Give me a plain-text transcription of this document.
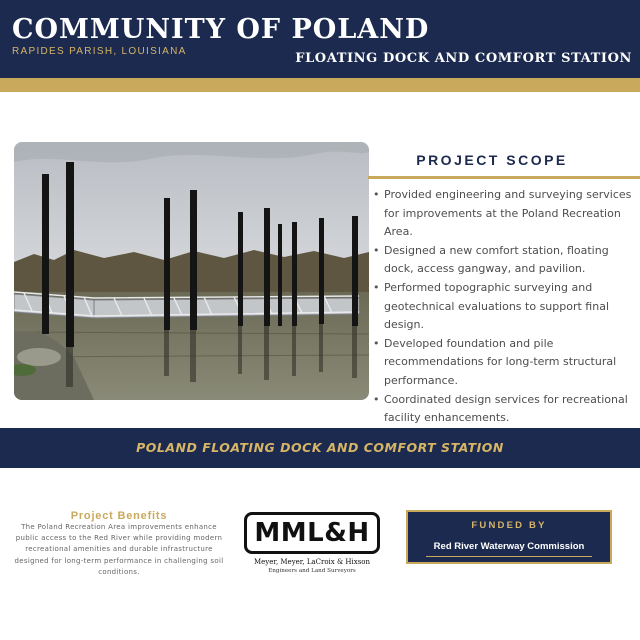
COMMUNITY OF POLAND
RAPIDES PARISH, LOUISIANA	FLOATING DOCK AND COMFORT STATION
PROJECT SCOPE
• Provided engineering and surveying services for improvements at the Poland Recreation Area.
• Designed a new comfort station, floating dock, access gangway, and pavilion.
• Performed topographic surveying and geotechnical evaluations to support final design.
• Developed foundation and pile recommendations for long-term structural performance.
• Coordinated design services for recreational facility enhancements.
POLAND FLOATING DOCK AND COMFORT STATION
Project Benefits
The Poland Recreation Area improvements enhance public access to the Red River while providing modern recreational amenities and durable infrastructure designed for long-term performance in challenging soil conditions.
MML&H
Meyer, Meyer, LaCroix & Hixson
Engineers and Land Surveyors
FUNDED BY
Red River Waterway Commission
